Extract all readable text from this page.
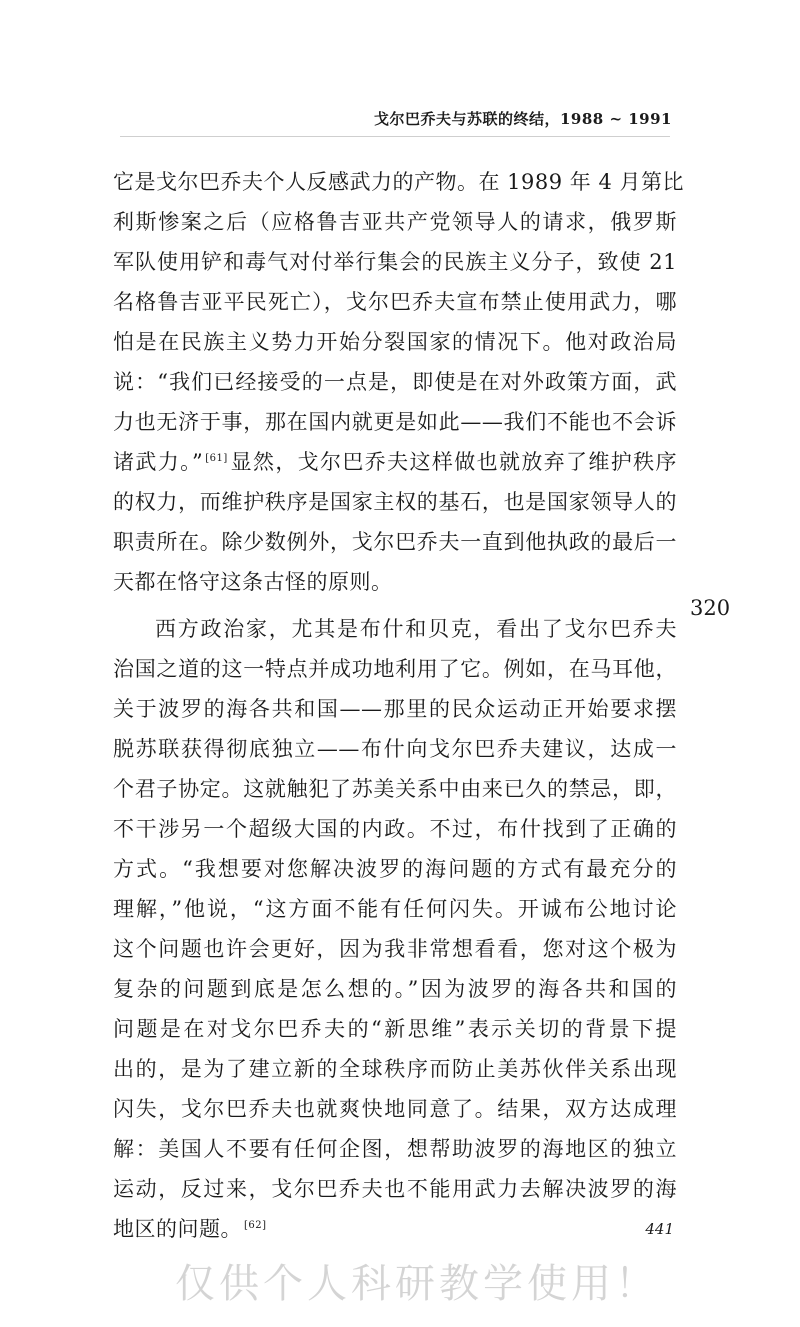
戈尔巴乔夫与苏联的终结，1988 ~ 1991
它是戈尔巴乔夫个人反感武力的产物。在 1989 年 4 月第比
利斯惨案之后（应格鲁吉亚共产党领导人的请求，俄罗斯
军队使用铲和毒气对付举行集会的民族主义分子，致使 21
名格鲁吉亚平民死亡），戈尔巴乔夫宣布禁止使用武力，哪
怕是在民族主义势力开始分裂国家的情况下。他对政治局
说：“我们已经接受的一点是，即使是在对外政策方面，武
力也无济于事，那在国内就更是如此——我们不能也不会诉
诸武力。” [61]显然，戈尔巴乔夫这样做也就放弃了维护秩序
的权力，而维护秩序是国家主权的基石，也是国家领导人的
职责所在。除少数例外，戈尔巴乔夫一直到他执政的最后一
天都在恪守这条古怪的原则。
西方政治家，尤其是布什和贝克，看出了戈尔巴乔夫
治国之道的这一特点并成功地利用了它。例如，在马耳他，
关于波罗的海各共和国——那里的民众运动正开始要求摆
脱苏联获得彻底独立——布什向戈尔巴乔夫建议，达成一
个君子协定。这就触犯了苏美关系中由来已久的禁忌，即，
不干涉另一个超级大国的内政。不过，布什找到了正确的
方式。“我想要对您解决波罗的海问题的方式有最充分的
理解，”他说，“这方面不能有任何闪失。开诚布公地讨论
这个问题也许会更好，因为我非常想看看，您对这个极为
复杂的问题到底是怎么想的。”因为波罗的海各共和国的
问题是在对戈尔巴乔夫的“新思维”表示关切的背景下提
出的，是为了建立新的全球秩序而防止美苏伙伴关系出现
闪失，戈尔巴乔夫也就爽快地同意了。结果，双方达成理
解：美国人不要有任何企图，想帮助波罗的海地区的独立
运动，反过来，戈尔巴乔夫也不能用武力去解决波罗的海
地区的问题。 [62]
320
441
仅供个人科研教学使用！
